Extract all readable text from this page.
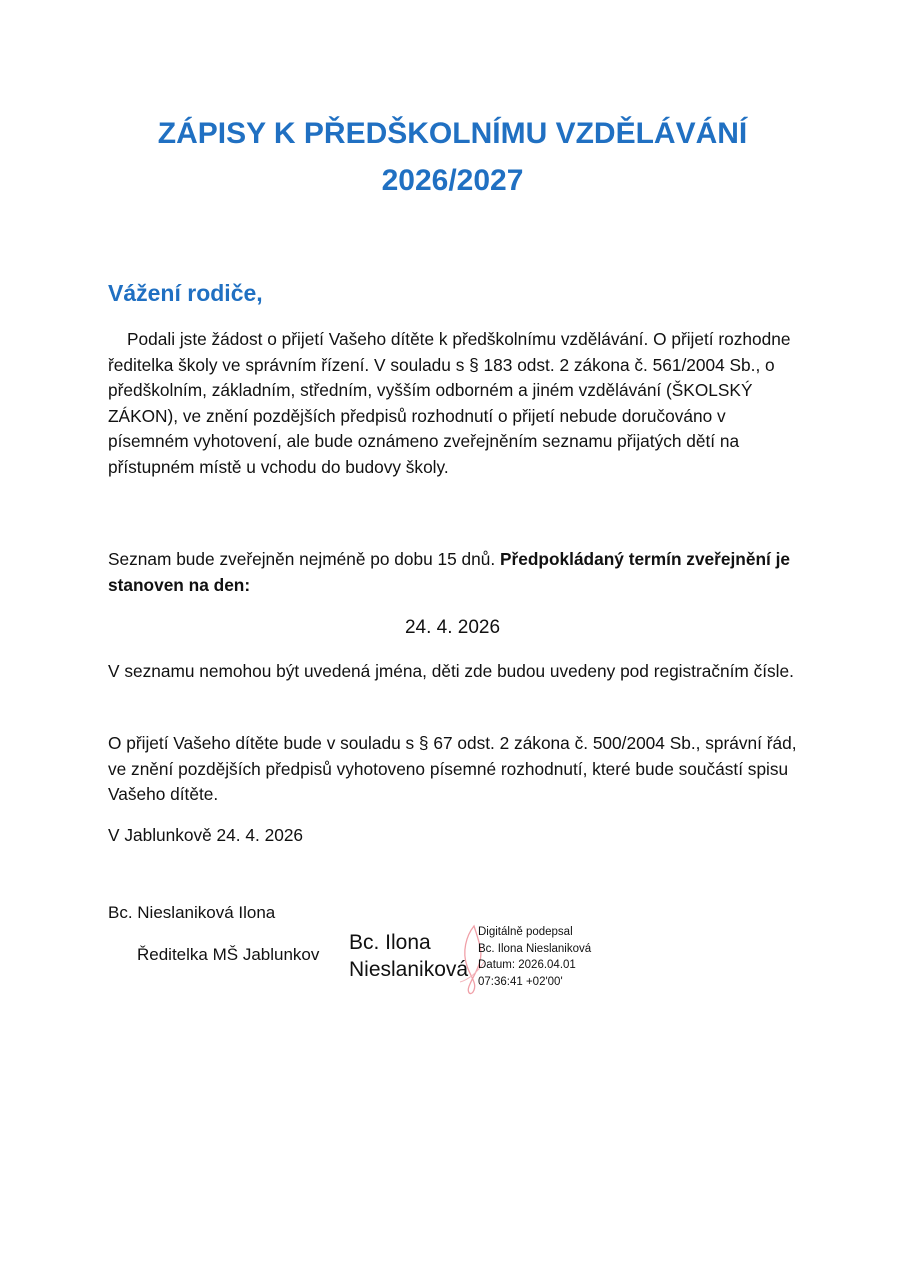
ZÁPISY K PŘEDŠKOLNÍMU VZDĚLÁVÁNÍ
2026/2027
Vážení rodiče,

Podali jste žádost o přijetí Vašeho dítěte k předškolnímu vzdělávání. O přijetí rozhodne ředitelka školy ve správním řízení. V souladu s § 183 odst. 2 zákona č. 561/2004 Sb., o předškolním, základním, středním, vyšším odborném a jiném vzdělávání (ŠKOLSKÝ ZÁKON), ve znění pozdějších předpisů rozhodnutí o přijetí nebude doručováno v písemném vyhotovení, ale bude oznámeno zveřejněním seznamu přijatých dětí na přístupném místě u vchodu do budovy školy.

Seznam bude zveřejněn nejméně po dobu 15 dnů. Předpokládaný termín zveřejnění je stanoven na den:

24. 4. 2026

V seznamu nemohou být uvedená jména, děti zde budou uvedeny pod registračním čísle.

O přijetí Vašeho dítěte bude v souladu s § 67 odst. 2 zákona č. 500/2004 Sb., správní řád, ve znění pozdějších předpisů vyhotoveno písemné rozhodnutí, které bude součástí spisu Vašeho dítěte.

V Jablunkově 24. 4. 2026

Bc. Nieslaniková Ilona

Ředitelka MŠ Jablunkov

Bc. Ilona
Nieslaniková
Digitálně podepsal
Bc. Ilona Nieslaniková
Datum: 2026.04.01
07:36:41 +02'00'
